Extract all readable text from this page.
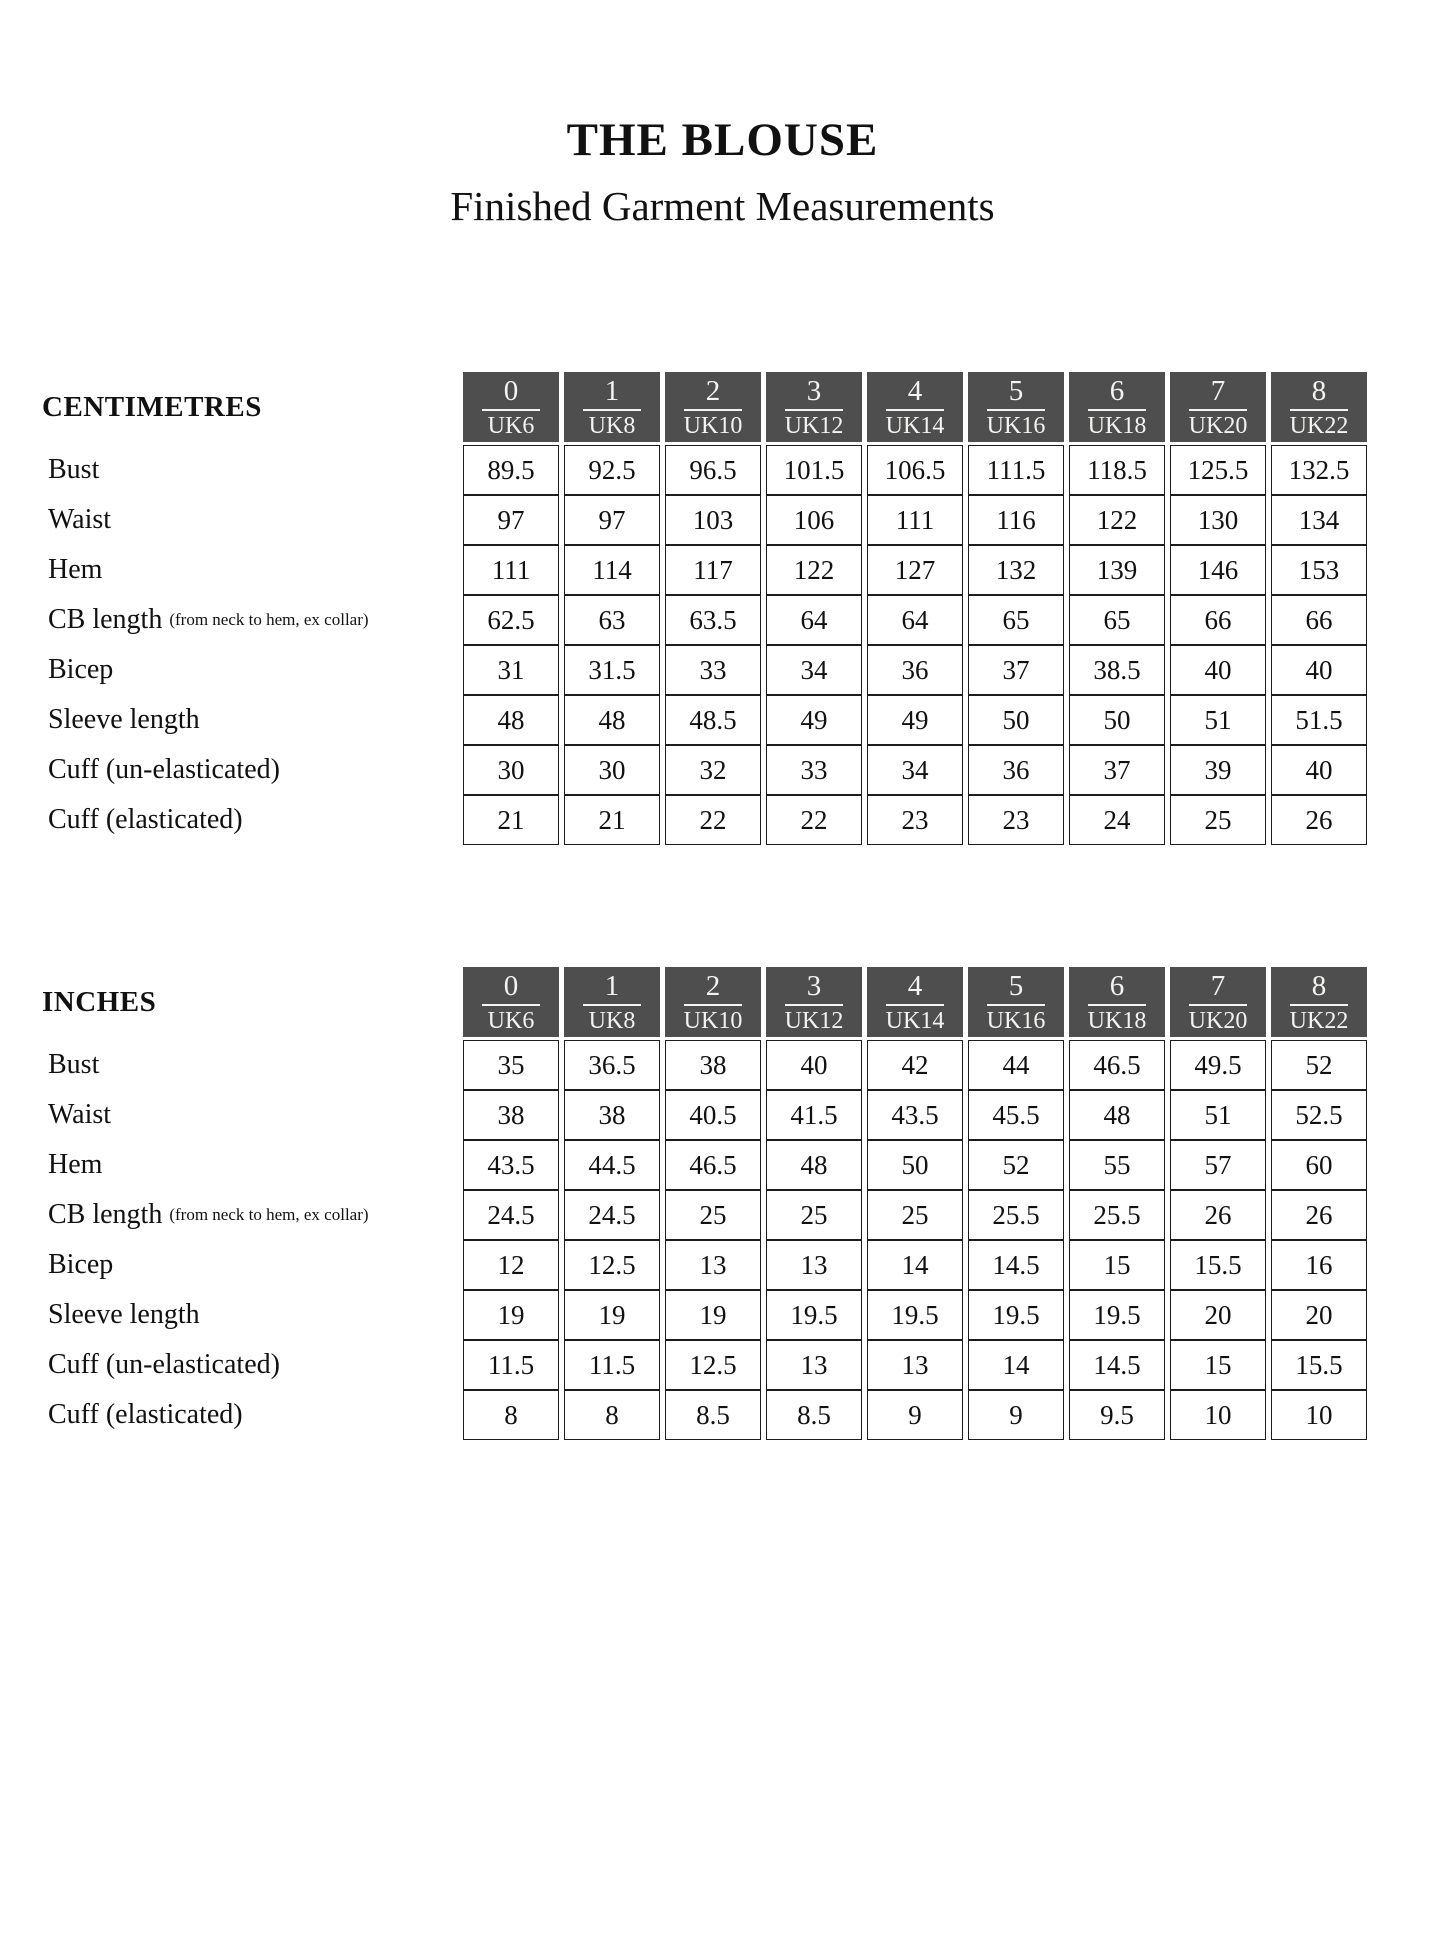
THE BLOUSE
Finished Garment Measurements
CENTIMETRES
Bust
Waist
Hem
CB length (from neck to hem, ex collar)
Bicep
Sleeve length
Cuff (un-elasticated)
Cuff (elasticated)
0
UK6
89.5
97
111
62.5
31
48
30
21
1
UK8
92.5
97
114
63
31.5
48
30
21
2
UK10
96.5
103
117
63.5
33
48.5
32
22
3
UK12
101.5
106
122
64
34
49
33
22
4
UK14
106.5
111
127
64
36
49
34
23
5
UK16
111.5
116
132
65
37
50
36
23
6
UK18
118.5
122
139
65
38.5
50
37
24
7
UK20
125.5
130
146
66
40
51
39
25
8
UK22
132.5
134
153
66
40
51.5
40
26
INCHES
Bust
Waist
Hem
CB length (from neck to hem, ex collar)
Bicep
Sleeve length
Cuff (un-elasticated)
Cuff (elasticated)
0
UK6
35
38
43.5
24.5
12
19
11.5
8
1
UK8
36.5
38
44.5
24.5
12.5
19
11.5
8
2
UK10
38
40.5
46.5
25
13
19
12.5
8.5
3
UK12
40
41.5
48
25
13
19.5
13
8.5
4
UK14
42
43.5
50
25
14
19.5
13
9
5
UK16
44
45.5
52
25.5
14.5
19.5
14
9
6
UK18
46.5
48
55
25.5
15
19.5
14.5
9.5
7
UK20
49.5
51
57
26
15.5
20
15
10
8
UK22
52
52.5
60
26
16
20
15.5
10
